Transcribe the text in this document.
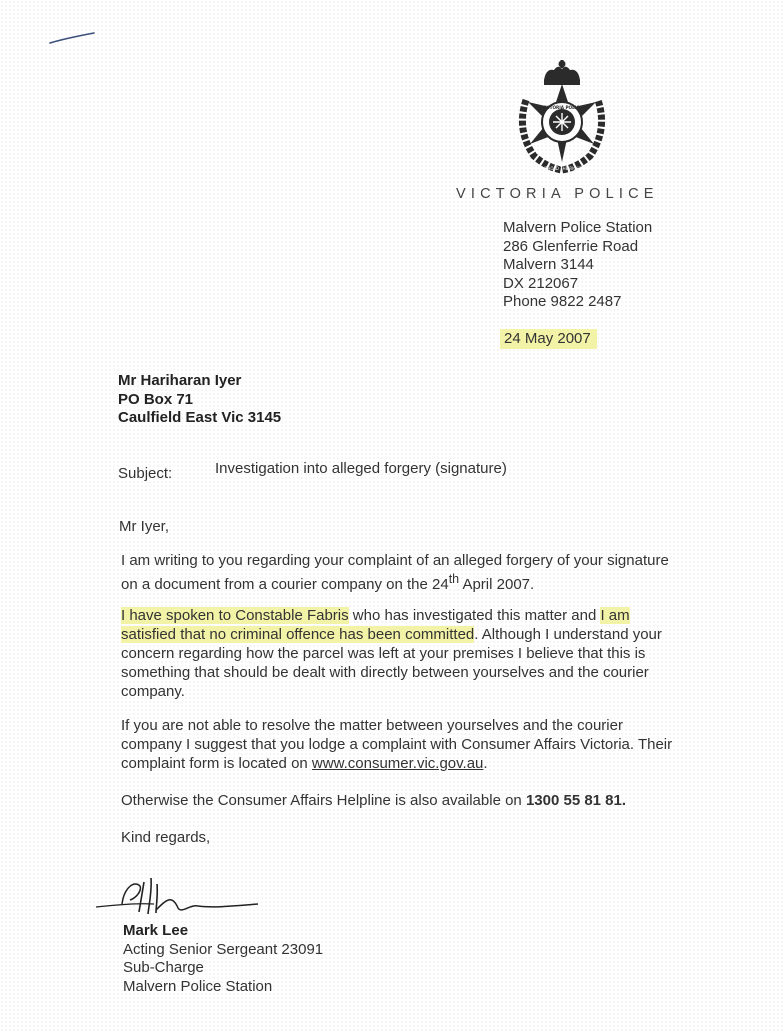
VICTORIA POLICE
UPHOLD THE RIGHT
VICTORIA POLICE
Malvern Police Station
286 Glenferrie Road
Malvern 3144
DX 212067
Phone 9822 2487
24 May 2007
Mr Hariharan Iyer
PO Box 71
Caulfield East Vic 3145
Subject:	Investigation into alleged forgery (signature)
Mr Iyer,
I am writing to you regarding your complaint of an alleged forgery of your signature on a document from a courier company on the 24th April 2007.
I have spoken to Constable Fabris who has investigated this matter and I am satisfied that no criminal offence has been committed. Although I understand your concern regarding how the parcel was left at your premises I believe that this is something that should be dealt with directly between yourselves and the courier company.
If you are not able to resolve the matter between yourselves and the courier company I suggest that you lodge a complaint with Consumer Affairs Victoria. Their complaint form is located on www.consumer.vic.gov.au.
Otherwise the Consumer Affairs Helpline is also available on 1300 55 81 81.
Kind regards,
Mark Lee
Acting Senior Sergeant 23091
Sub-Charge
Malvern Police Station
